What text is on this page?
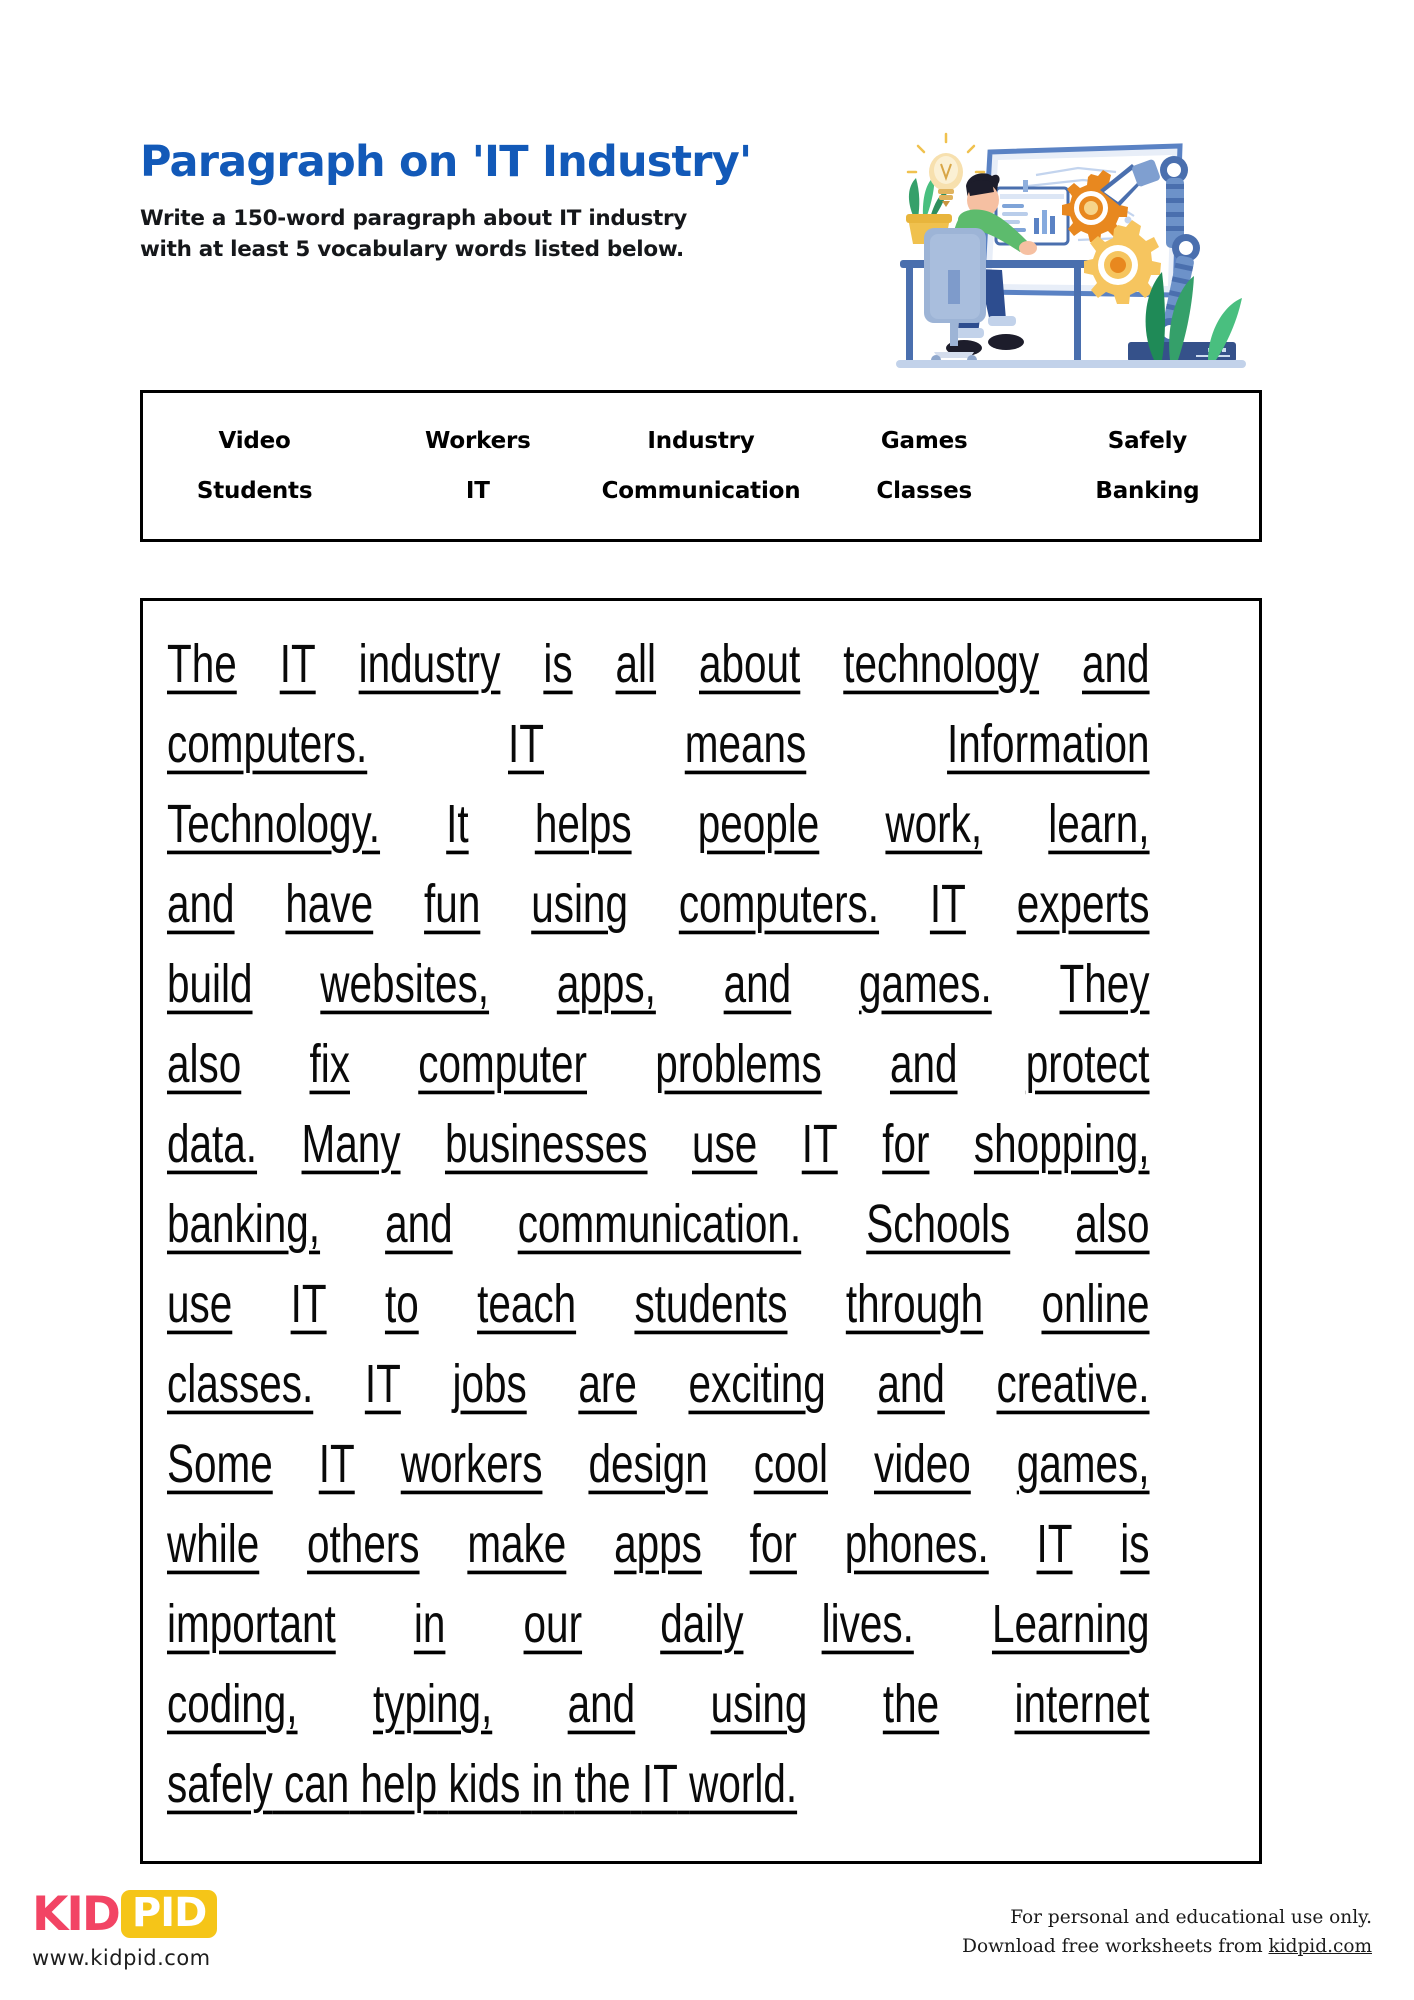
Paragraph on 'IT Industry'

Write a 150-word paragraph about IT industry with at least 5 vocabulary words listed below.

Video	Workers	Industry	Games	Safely
Students	IT	Communication	Classes	Banking
The IT industry is all about technology and
computers.	IT	means	Information
Technology. It helps people work, learn,
and have fun using computers. IT experts
build websites, apps, and games. They
also fix computer problems and protect
data. Many businesses use IT for shopping,
banking, and communication. Schools also
use IT to teach students through online
classes. IT jobs are exciting and creative.
Some IT workers design cool video games,
while others make apps for phones. IT is
important in our daily lives. Learning
coding, typing, and using the internet
safely can help kids in the IT world.
KID PID
www.kidpid.com
For personal and educational use only.
Download free worksheets from kidpid.com
